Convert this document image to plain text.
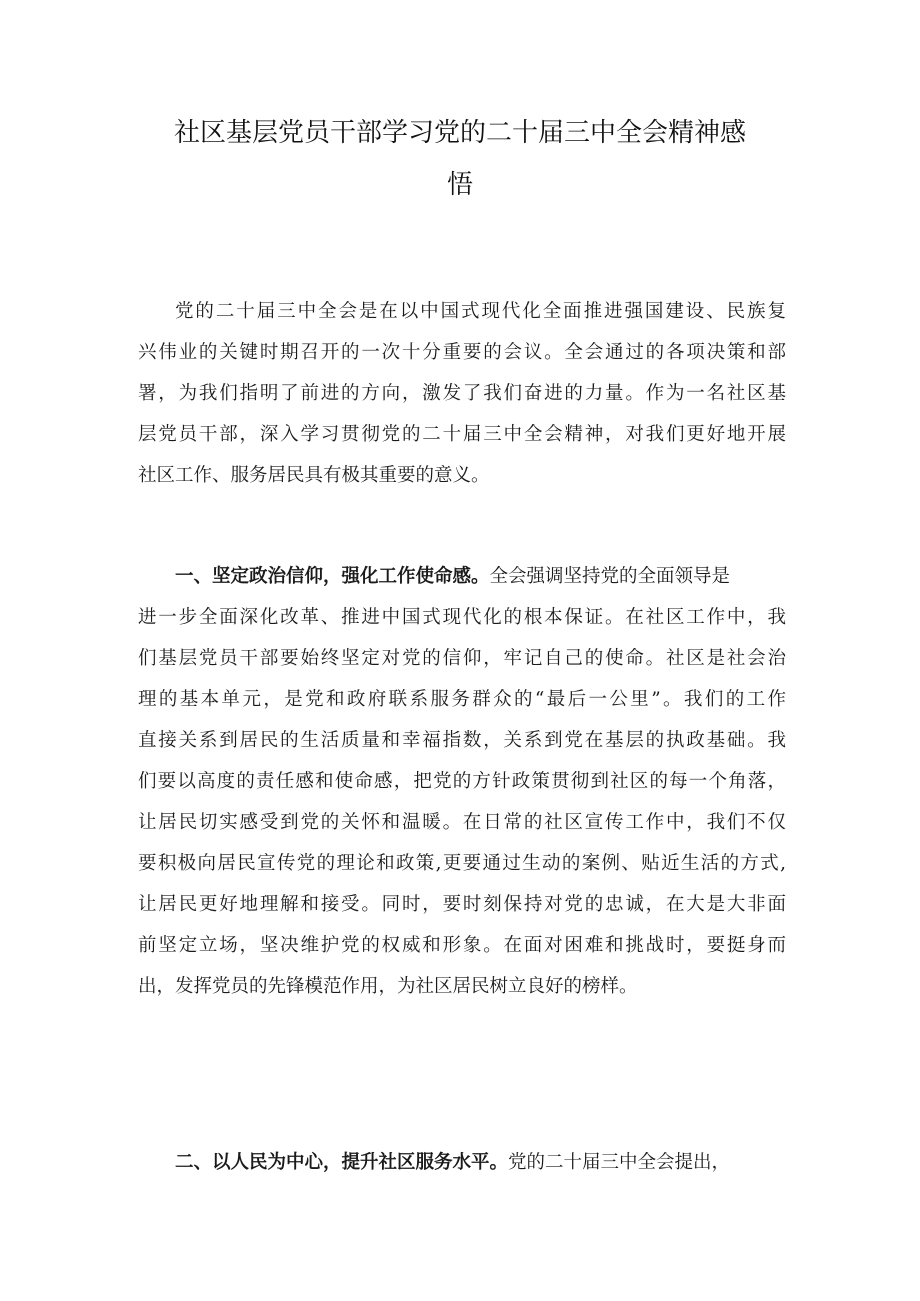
社区基层党员干部学习党的二十届三中全会精神感
悟
党的二十届三中全会是在以中国式现代化全面推进强国建设、民族复
兴伟业的关键时期召开的一次十分重要的会议。全会通过的各项决策和部
署，为我们指明了前进的方向，激发了我们奋进的力量。作为一名社区基
层党员干部，深入学习贯彻党的二十届三中全会精神，对我们更好地开展
社区工作、服务居民具有极其重要的意义。
一、坚定政治信仰，强化工作使命感。全会强调坚持党的全面领导是
进一步全面深化改革、推进中国式现代化的根本保证。在社区工作中，我
们基层党员干部要始终坚定对党的信仰，牢记自己的使命。社区是社会治
理的基本单元，是党和政府联系服务群众的“最后一公里”。我们的工作
直接关系到居民的生活质量和幸福指数，关系到党在基层的执政基础。我
们要以高度的责任感和使命感，把党的方针政策贯彻到社区的每一个角落，
让居民切实感受到党的关怀和温暖。在日常的社区宣传工作中，我们不仅
要积极向居民宣传党的理论和政策,更要通过生动的案例、贴近生活的方式,
让居民更好地理解和接受。同时，要时刻保持对党的忠诚，在大是大非面
前坚定立场，坚决维护党的权威和形象。在面对困难和挑战时，要挺身而
出，发挥党员的先锋模范作用，为社区居民树立良好的榜样。
二、以人民为中心，提升社区服务水平。党的二十届三中全会提出，
